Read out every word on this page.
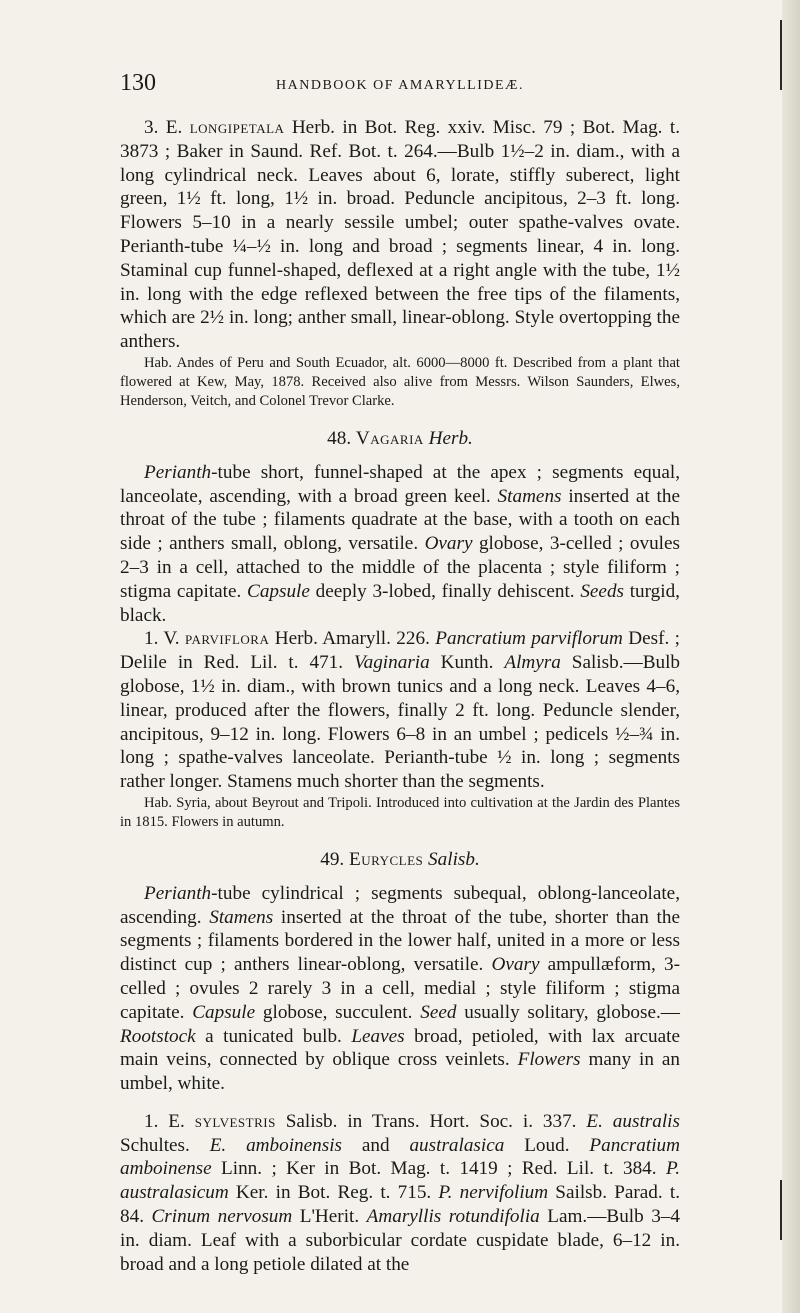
130	HANDBOOK OF AMARYLLIDEÆ.

3. E. longipetala Herb. in Bot. Reg. xxiv. Misc. 79 ; Bot. Mag. t. 3873 ; Baker in Saund. Ref. Bot. t. 264.—Bulb 1½–2 in. diam., with a long cylindrical neck. Leaves about 6, lorate, stiffly suberect, light green, 1½ ft. long, 1½ in. broad. Peduncle ancipitous, 2–3 ft. long. Flowers 5–10 in a nearly sessile umbel; outer spathe-valves ovate. Perianth-tube ¼–½ in. long and broad ; segments linear, 4 in. long. Staminal cup funnel-shaped, deflexed at a right angle with the tube, 1½ in. long with the edge reflexed between the free tips of the filaments, which are 2½ in. long; anther small, linear-oblong. Style overtopping the anthers.

Hab. Andes of Peru and South Ecuador, alt. 6000—8000 ft. Described from a plant that flowered at Kew, May, 1878. Received also alive from Messrs. Wilson Saunders, Elwes, Henderson, Veitch, and Colonel Trevor Clarke.

48. Vagaria Herb.

Perianth-tube short, funnel-shaped at the apex ; segments equal, lanceolate, ascending, with a broad green keel. Stamens inserted at the throat of the tube ; filaments quadrate at the base, with a tooth on each side ; anthers small, oblong, versatile. Ovary globose, 3-celled ; ovules 2–3 in a cell, attached to the middle of the placenta ; style filiform ; stigma capitate. Capsule deeply 3-lobed, finally dehiscent. Seeds turgid, black.

1. V. parviflora Herb. Amaryll. 226. Pancratium parviflorum Desf. ; Delile in Red. Lil. t. 471. Vaginaria Kunth. Almyra Salisb.—Bulb globose, 1½ in. diam., with brown tunics and a long neck. Leaves 4–6, linear, produced after the flowers, finally 2 ft. long. Peduncle slender, ancipitous, 9–12 in. long. Flowers 6–8 in an umbel ; pedicels ½–¾ in. long ; spathe-valves lanceolate. Perianth-tube ½ in. long ; segments rather longer. Stamens much shorter than the segments.

Hab. Syria, about Beyrout and Tripoli. Introduced into cultivation at the Jardin des Plantes in 1815. Flowers in autumn.

49. Eurycles Salisb.

Perianth-tube cylindrical ; segments subequal, oblong-lanceolate, ascending. Stamens inserted at the throat of the tube, shorter than the segments ; filaments bordered in the lower half, united in a more or less distinct cup ; anthers linear-oblong, versatile. Ovary ampullæform, 3-celled ; ovules 2 rarely 3 in a cell, medial ; style filiform ; stigma capitate. Capsule globose, succulent. Seed usually solitary, globose.— Rootstock a tunicated bulb. Leaves broad, petioled, with lax arcuate main veins, connected by oblique cross veinlets. Flowers many in an umbel, white.

1. E. sylvestris Salisb. in Trans. Hort. Soc. i. 337. E. australis Schultes. E. amboinensis and australasica Loud. Pancratium amboinense Linn. ; Ker in Bot. Mag. t. 1419 ; Red. Lil. t. 384. P. australasicum Ker. in Bot. Reg. t. 715. P. nervifolium Sailsb. Parad. t. 84. Crinum nervosum L'Herit. Amaryllis rotundifolia Lam.—Bulb 3–4 in. diam. Leaf with a suborbicular cordate cuspidate blade, 6–12 in. broad and a long petiole dilated at the
